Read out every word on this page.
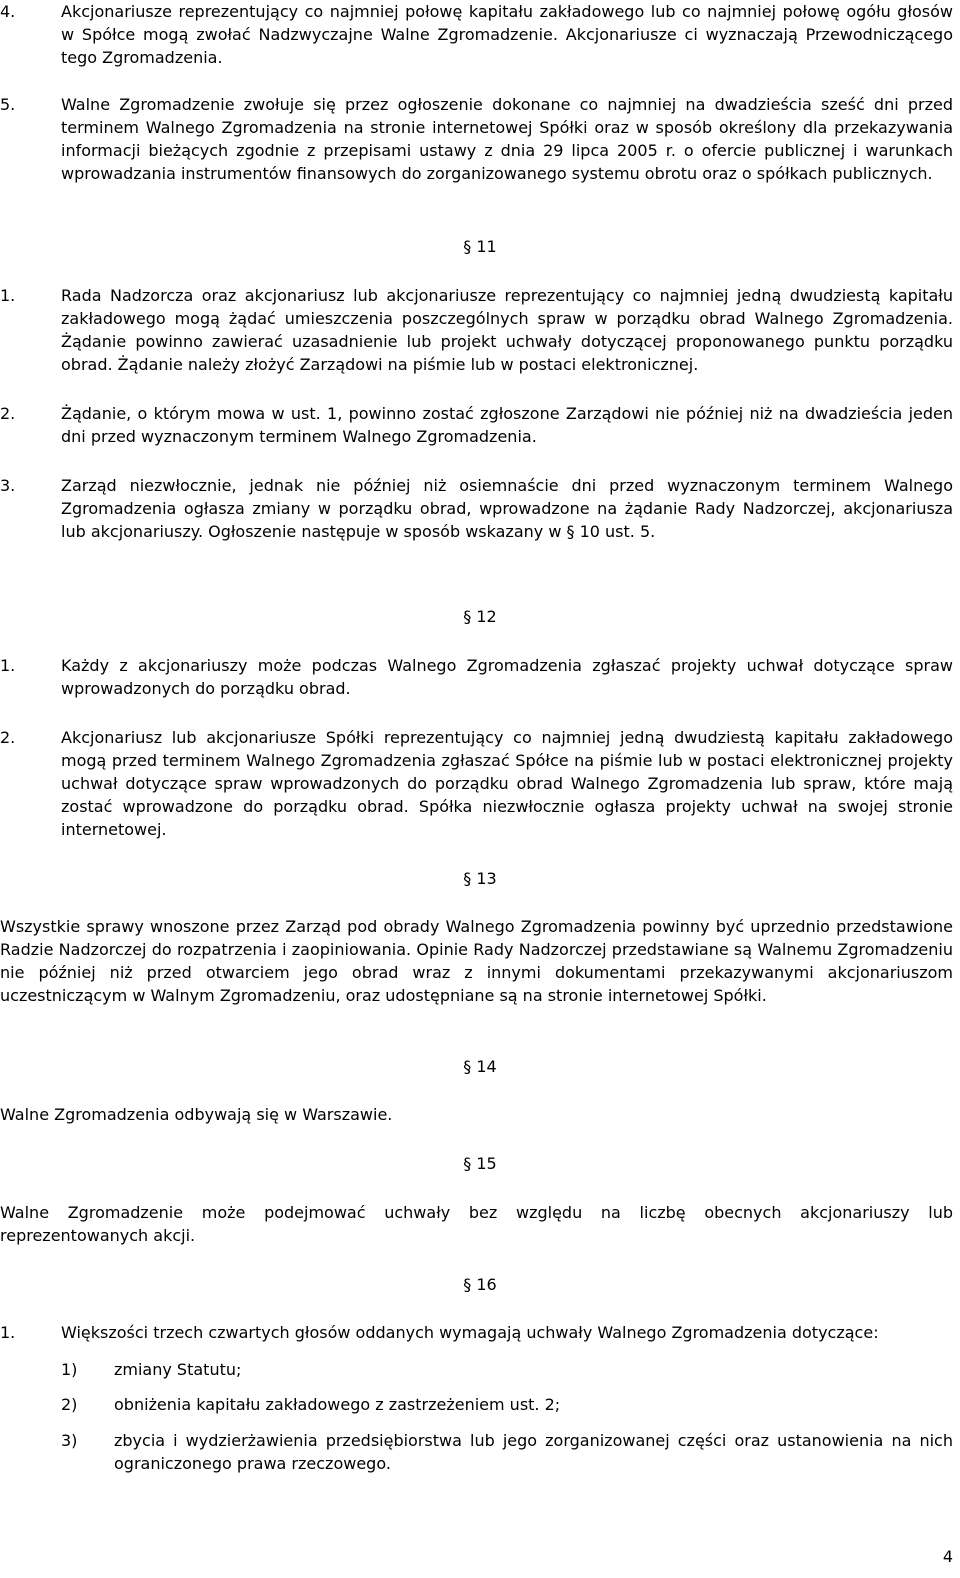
4.	Akcjonariusze reprezentujący co najmniej połowę kapitału zakładowego lub co najmniej połowę ogółu głosów w Spółce mogą zwołać Nadzwyczajne Walne Zgromadzenie. Akcjonariusze ci wyznaczają Przewodniczącego tego Zgromadzenia.
5.	Walne Zgromadzenie zwołuje się przez ogłoszenie dokonane co najmniej na dwadzieścia sześć dni przed terminem Walnego Zgromadzenia na stronie internetowej Spółki oraz w sposób określony dla przekazywania informacji bieżących zgodnie z przepisami ustawy z dnia 29 lipca 2005 r. o ofercie publicznej i warunkach wprowadzania instrumentów finansowych do zorganizowanego systemu obrotu oraz o spółkach publicznych.
§ 11
1.	Rada Nadzorcza oraz akcjonariusz lub akcjonariusze reprezentujący co najmniej jedną dwudziestą kapitału zakładowego mogą żądać umieszczenia poszczególnych spraw w porządku obrad Walnego Zgromadzenia. Żądanie powinno zawierać uzasadnienie lub projekt uchwały dotyczącej proponowanego punktu porządku obrad. Żądanie należy złożyć Zarządowi na piśmie lub w postaci elektronicznej.
2.	Żądanie, o którym mowa w ust. 1, powinno zostać zgłoszone Zarządowi nie później niż na dwadzieścia jeden dni przed wyznaczonym terminem Walnego Zgromadzenia.
3.	Zarząd niezwłocznie, jednak nie później niż osiemnaście dni przed wyznaczonym terminem Walnego Zgromadzenia ogłasza zmiany w porządku obrad, wprowadzone na żądanie Rady Nadzorczej, akcjonariusza lub akcjonariuszy. Ogłoszenie następuje w sposób wskazany w § 10 ust. 5.
§ 12
1.	Każdy z akcjonariuszy może podczas Walnego Zgromadzenia zgłaszać projekty uchwał dotyczące spraw wprowadzonych do porządku obrad.
2.	Akcjonariusz lub akcjonariusze Spółki reprezentujący co najmniej jedną dwudziestą kapitału zakładowego mogą przed terminem Walnego Zgromadzenia zgłaszać Spółce na piśmie lub w postaci elektronicznej projekty uchwał dotyczące spraw wprowadzonych do porządku obrad Walnego Zgromadzenia lub spraw, które mają zostać wprowadzone do porządku obrad. Spółka niezwłocznie ogłasza projekty uchwał na swojej stronie internetowej.
§ 13
Wszystkie sprawy wnoszone przez Zarząd pod obrady Walnego Zgromadzenia powinny być uprzednio przedstawione Radzie Nadzorczej do rozpatrzenia i zaopiniowania. Opinie Rady Nadzorczej przedstawiane są Walnemu Zgromadzeniu nie później niż przed otwarciem jego obrad wraz z innymi dokumentami przekazywanymi akcjonariuszom uczestniczącym w Walnym Zgromadzeniu, oraz udostępniane są na stronie internetowej Spółki.
§ 14
Walne Zgromadzenia odbywają się w Warszawie.
§ 15
Walne Zgromadzenie może podejmować uchwały bez względu na liczbę obecnych akcjonariuszy lub reprezentowanych akcji.
§ 16
1.	Większości trzech czwartych głosów oddanych wymagają uchwały Walnego Zgromadzenia dotyczące:
1) zmiany Statutu;
2) obniżenia kapitału zakładowego z zastrzeżeniem ust. 2;
3) zbycia i wydzierżawienia przedsiębiorstwa lub jego zorganizowanej części oraz ustanowienia na nich ograniczonego prawa rzeczowego.
4
